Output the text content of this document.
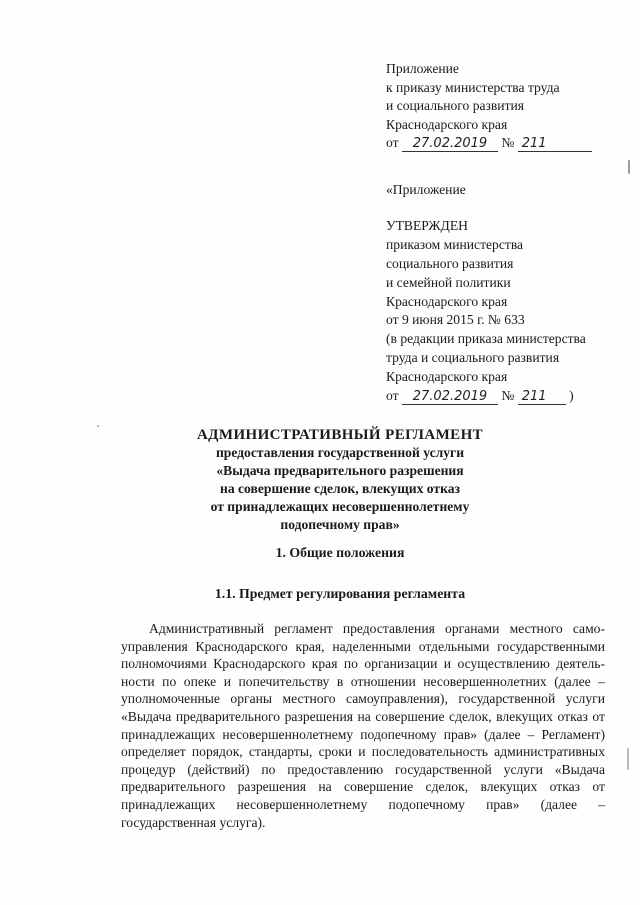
Приложение
к приказу министерства труда
и социального развития
Краснодарского края
от 27.02.2019 № 211
«Приложение
УТВЕРЖДЕН
приказом министерства
социального развития
и семейной политики
Краснодарского края
от 9 июня 2015 г. № 633
(в редакции приказа министерства
труда и социального развития
Краснодарского края
от 27.02.2019 № 211 )
АДМИНИСТРАТИВНЫЙ РЕГЛАМЕНТ
предоставления государственной услуги
«Выдача предварительного разрешения
на совершение сделок, влекущих отказ
от принадлежащих несовершеннолетнему
подопечному прав»
1. Общие положения
1.1. Предмет регулирования регламента
Административный регламент предоставления органами местного самоуправления Краснодарского края, наделенными отдельными государственными полномочиями Краснодарского края по организации и осуществлению деятельности по опеке и попечительству в отношении несовершеннолетних (далее – уполномоченные органы местного самоуправления), государственной услуги «Выдача предварительного разрешения на совершение сделок, влекущих отказ от принадлежащих несовершеннолетнему подопечному прав» (далее – Регламент) определяет порядок, стандарты, сроки и последовательность административных процедур (действий) по предоставлению государственной услуги «Выдача предварительного разрешения на совершение сделок, влекущих отказ от принадлежащих несовершеннолетнему подопечному прав» (далее – государственная услуга).
